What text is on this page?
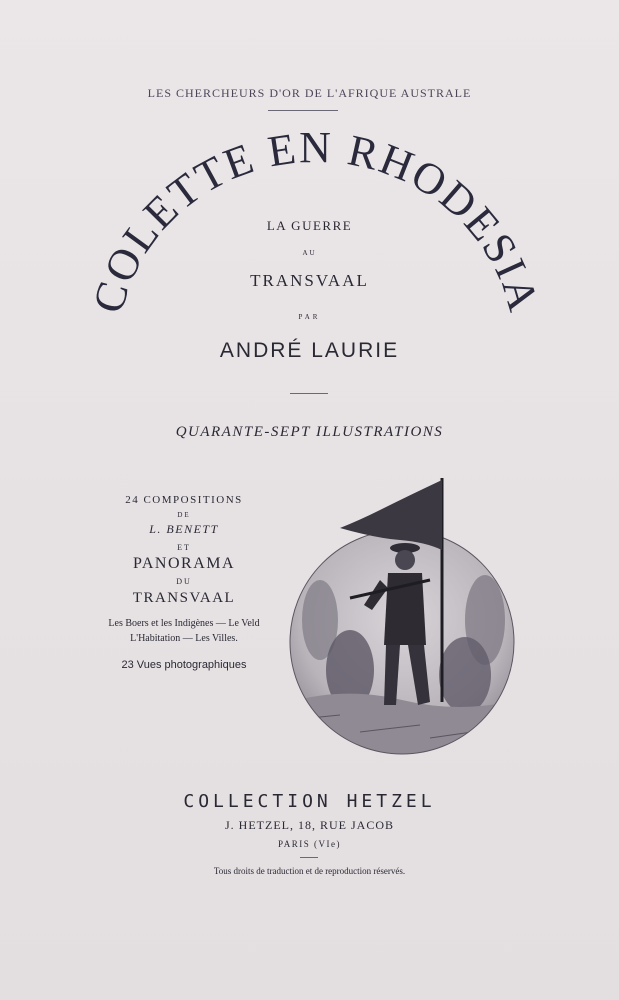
LES CHERCHEURS D'OR DE L'AFRIQUE AUSTRALE
COLETTE EN RHODESIA
LA GUERRE
AU
TRANSVAAL
PAR
ANDRÉ LAURIE
QUARANTE-SEPT ILLUSTRATIONS
24 COMPOSITIONS
DE
L. BENETT
ET
PANORAMA
DU
TRANSVAAL
Les Boers et les Indigènes — Le Veld
L'Habitation — Les Villes.
23 Vues photographiques
COLLECTION HETZEL
J. HETZEL, 18, RUE JACOB
PARIS (VIe)
Tous droits de traduction et de reproduction réservés.
